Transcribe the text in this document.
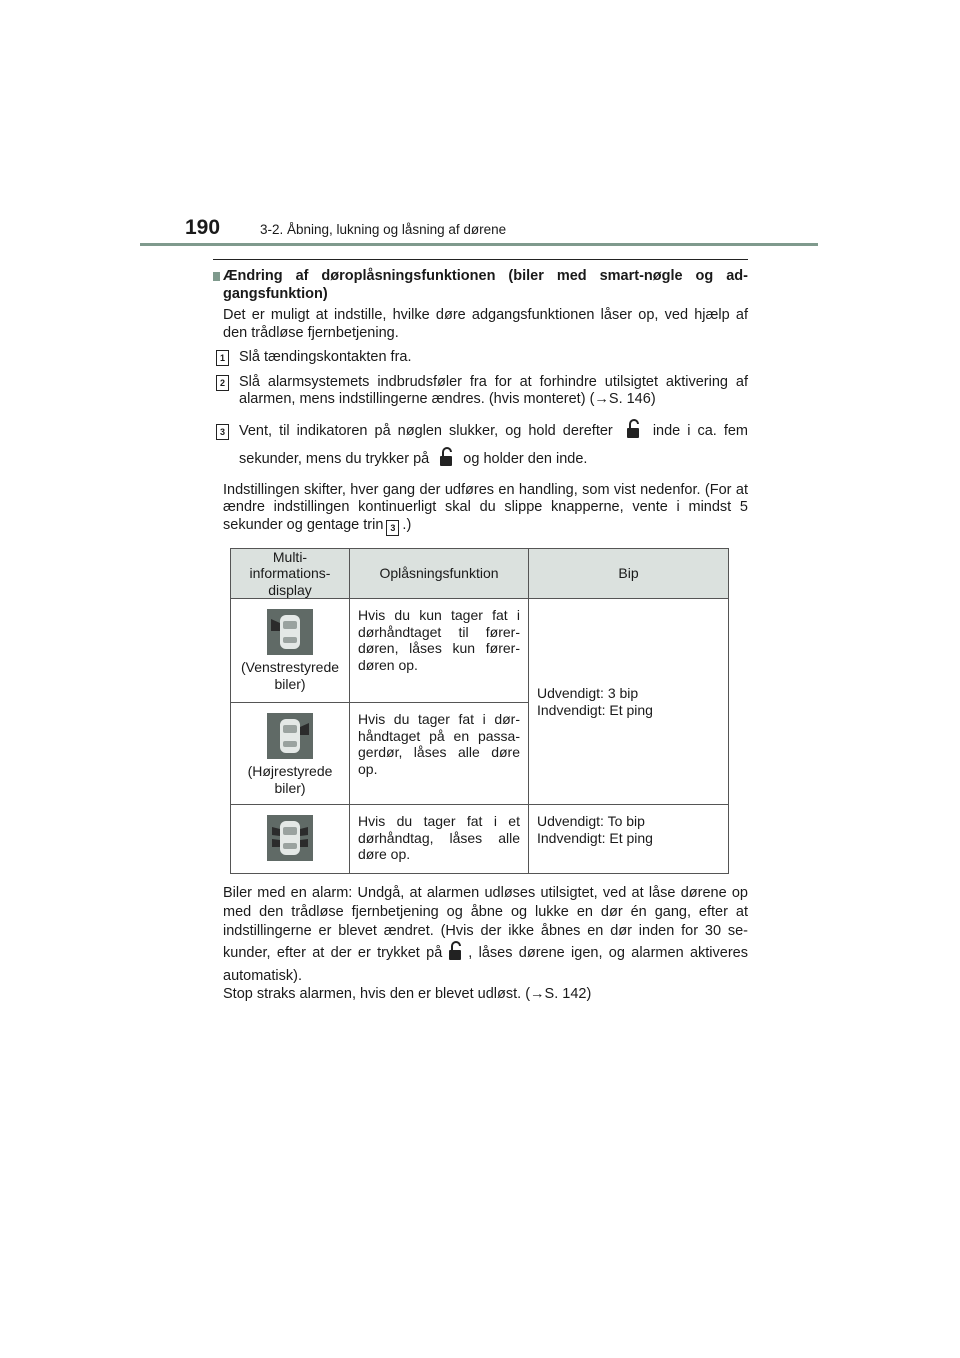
190	3-2. Åbning, lukning og låsning af dørene
Ændring af døroplåsningsfunktionen (biler med smart-nøgle og ad- gangsfunktion)
Det er muligt at indstille, hvilke døre adgangsfunktionen låser op, ved hjælp af den trådløse fjernbetjening.
1 Slå tændingskontakten fra.
2 Slå alarmsystemets indbrudsføler fra for at forhindre utilsigtet aktivering af alarmen, mens indstillingerne ændres. (hvis monteret) (→S. 146)
3 Vent, til indikatoren på nøglen slukker, og hold derefter	inde i ca. fem sekunder, mens du trykker på og holder den inde.
Indstillingen skifter, hver gang der udføres en handling, som vist nedenfor. (For at ændre indstillingen kontinuerligt skal du slippe knapperne, vente i mindst 5 sekunder og gentage trin 3 .)
Multi-informations- display	Oplåsningsfunktion	Bip

(Venstrestyrede biler)	Hvis du kun tager fat i dørhåndtaget til fører- døren, låses kun fører- døren op.	Udvendigt: 3 bip
Indvendigt: Et ping

(Højrestyrede biler)	Hvis du tager fat i dør- håndtaget på en passa- gerdør, låses alle døre op.	

	Hvis du tager fat i et dørhåndtag, låses alle døre op.	Udvendigt: To bip
Indvendigt: Et ping
Biler med en alarm: Undgå, at alarmen udløses utilsigtet, ved at låse dørene op med den trådløse fjernbetjening og åbne og lukke en dør én gang, efter at indstillingerne er blevet ændret. (Hvis der ikke åbnes en dør inden for 30 se- kunder, efter at der er trykket på , låses dørene igen, og alarmen aktiveres automatisk).
Stop straks alarmen, hvis den er blevet udløst. (→S. 142)
